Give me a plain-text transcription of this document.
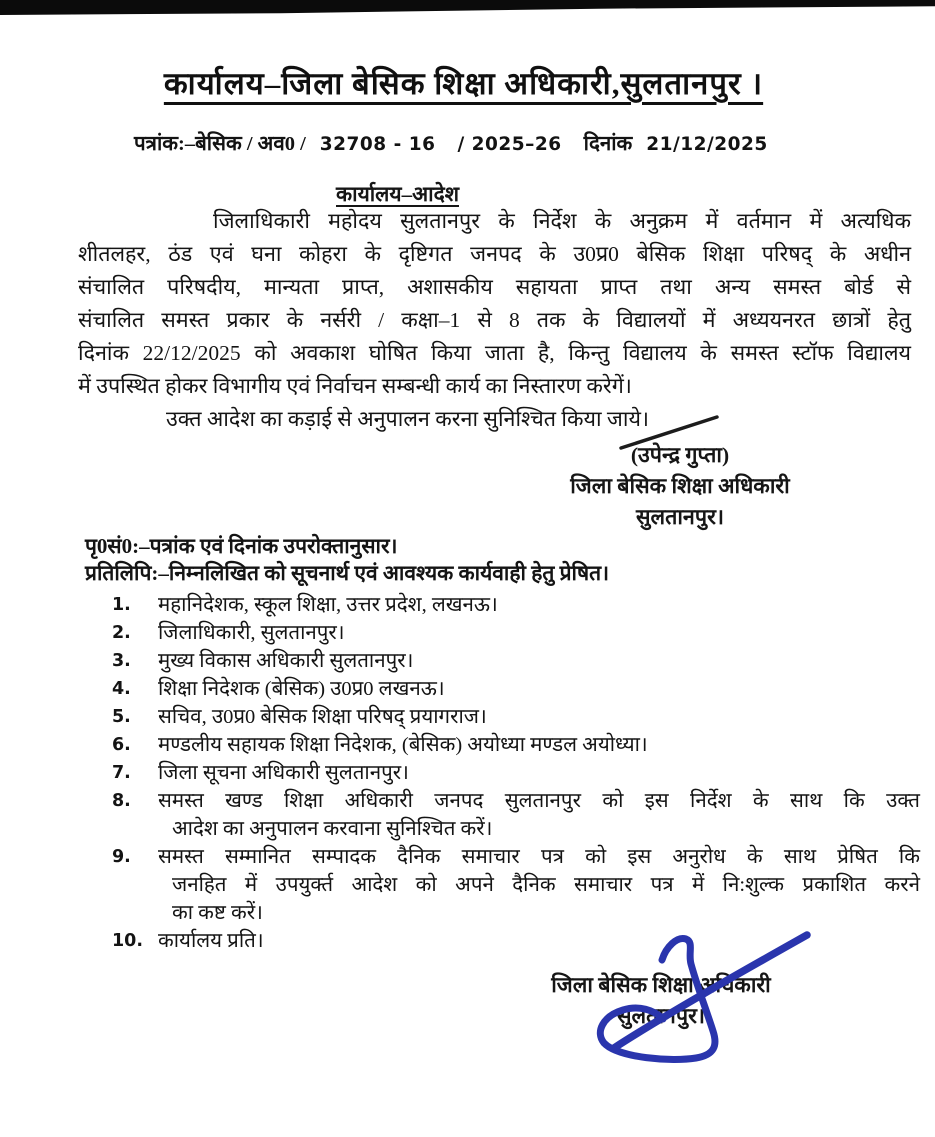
कार्यालय–जिला बेसिक शिक्षा अधिकारी,सुलतानपुर ।
पत्रांक:–बेसिक / अव0 / 32708 - 16 / 2025–26 दिनांक 21/12/2025
कार्यालय–आदेश
जिलाधिकारी महोदय सुलतानपुर के निर्देश के अनुक्रम में वर्तमान में अत्यधिक
शीतलहर, ठंड एवं घना कोहरा के दृष्टिगत जनपद के उ0प्र0 बेसिक शिक्षा परिषद् के अधीन
संचालित परिषदीय, मान्यता प्राप्त, अशासकीय सहायता प्राप्त तथा अन्य समस्त बोर्ड से
संचालित समस्त प्रकार के नर्सरी / कक्षा–1 से 8 तक के विद्यालयों में अध्ययनरत छात्रों हेतु
दिनांक 22/12/2025 को अवकाश घोषित किया जाता है, किन्तु विद्यालय के समस्त स्टॉफ विद्यालय
में उपस्थित होकर विभागीय एवं निर्वाचन सम्बन्धी कार्य का निस्तारण करेगें।
उक्त आदेश का कड़ाई से अनुपालन करना सुनिश्चित किया जाये।
(उपेन्द्र गुप्ता)
जिला बेसिक शिक्षा अधिकारी
सुलतानपुर।
पृ0सं0:–पत्रांक एवं दिनांक उपरोक्तानुसार।
प्रतिलिपि:–निम्नलिखित को सूचनार्थ एवं आवश्यक कार्यवाही हेतु प्रेषित।
1.	महानिदेशक, स्कूल शिक्षा, उत्तर प्रदेश, लखनऊ।
2.	जिलाधिकारी, सुलतानपुर।
3.	मुख्य विकास अधिकारी सुलतानपुर।
4.	शिक्षा निदेशक (बेसिक) उ0प्र0 लखनऊ।
5.	सचिव, उ0प्र0 बेसिक शिक्षा परिषद् प्रयागराज।
6.	मण्डलीय सहायक शिक्षा निदेशक, (बेसिक) अयोध्या मण्डल अयोध्या।
7.	जिला सूचना अधिकारी सुलतानपुर।
8.	समस्त खण्ड शिक्षा अधिकारी जनपद सुलतानपुर को इस निर्देश के साथ कि उक्त
आदेश का अनुपालन करवाना सुनिश्चित करें।
9.	समस्त सम्मानित सम्पादक दैनिक समाचार पत्र को इस अनुरोध के साथ प्रेषित कि
जनहित में उपयुर्क्त आदेश को अपने दैनिक समाचार पत्र में नि:शुल्क प्रकाशित करने
का कष्ट करें।
10. कार्यालय प्रति।
जिला बेसिक शिक्षा अधिकारी
सुलतानपुर।
